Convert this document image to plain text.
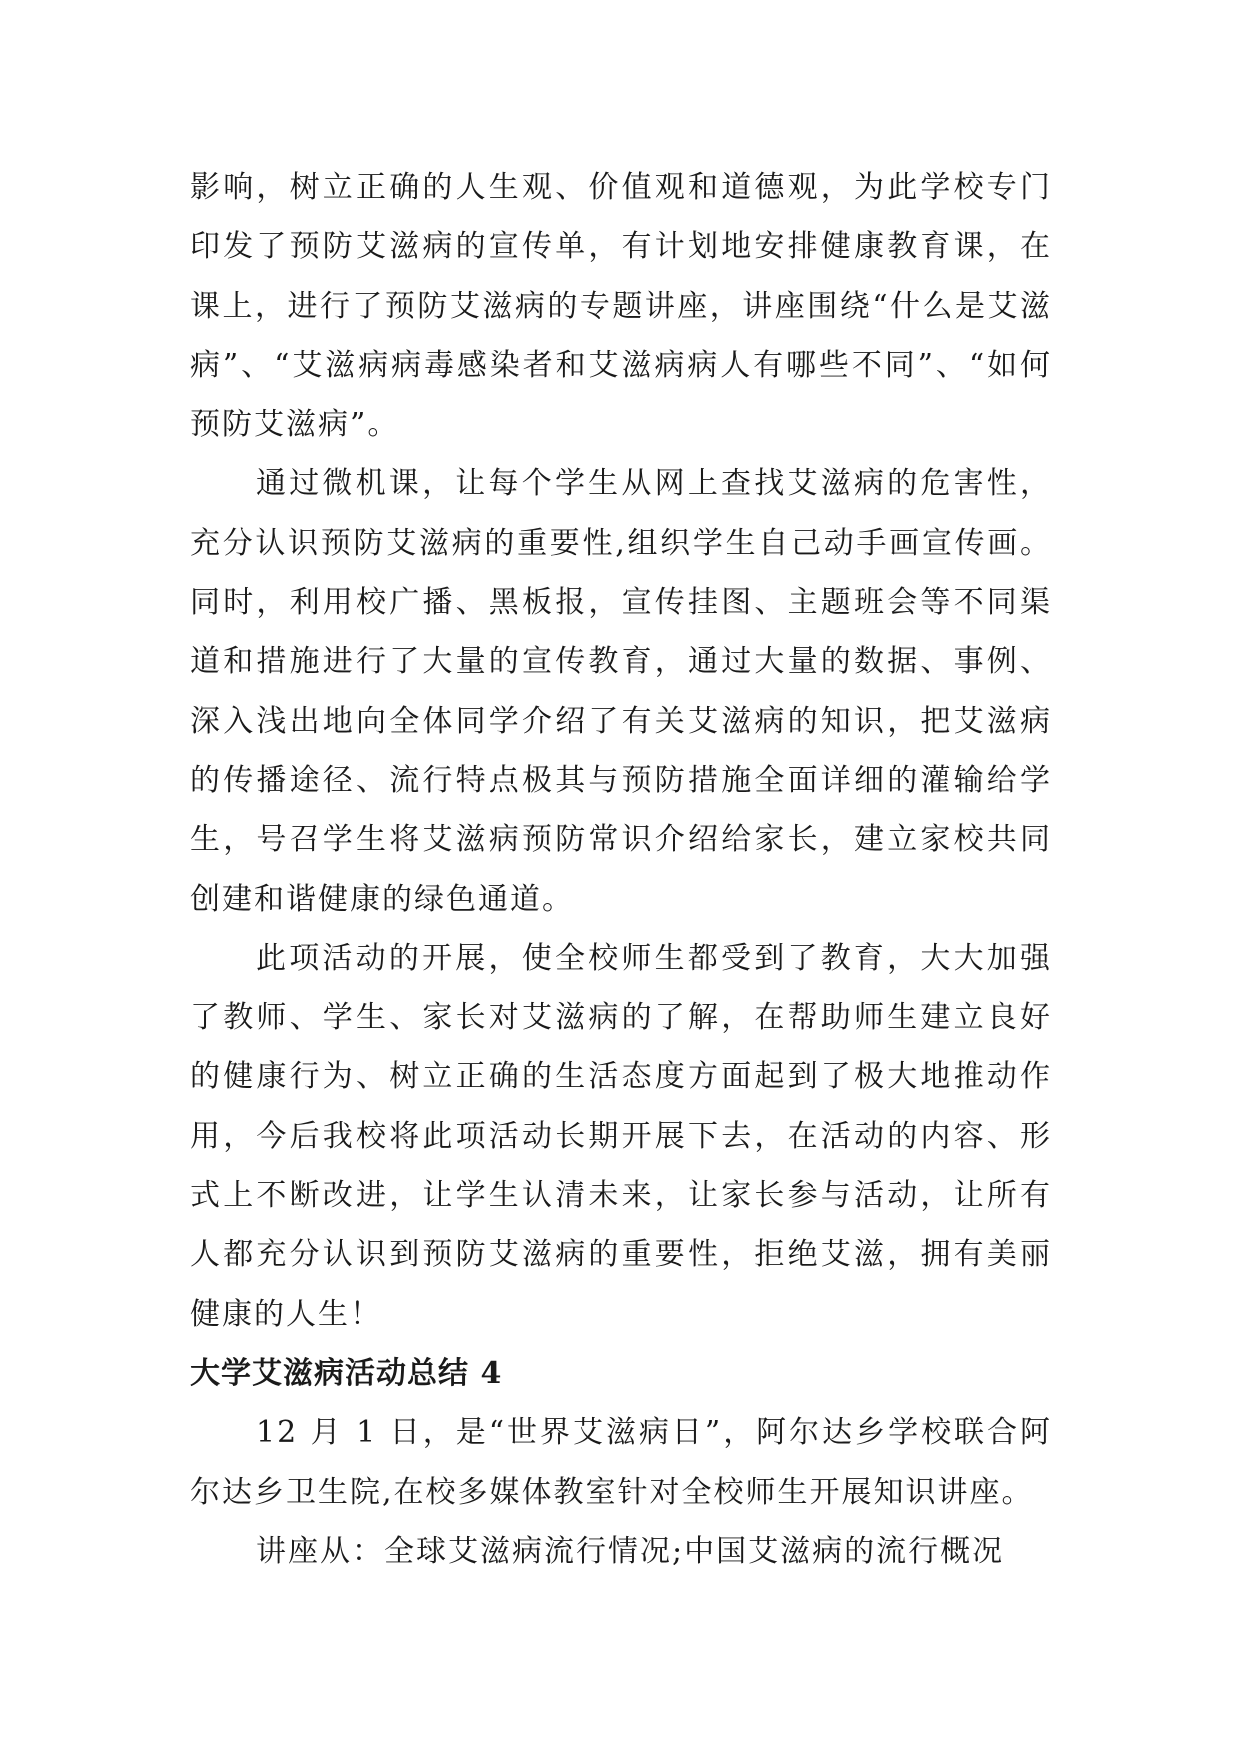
影响，树立正确的人生观、价值观和道德观，为此学校专门印发了预防艾滋病的宣传单，有计划地安排健康教育课，在课上，进行了预防艾滋病的专题讲座，讲座围绕“什么是艾滋病”、“艾滋病病毒感染者和艾滋病病人有哪些不同”、“如何预防艾滋病”。

通过微机课，让每个学生从网上查找艾滋病的危害性，充分认识预防艾滋病的重要性,组织学生自己动手画宣传画。同时，利用校广播、黑板报，宣传挂图、主题班会等不同渠道和措施进行了大量的宣传教育，通过大量的数据、事例、深入浅出地向全体同学介绍了有关艾滋病的知识，把艾滋病的传播途径、流行特点极其与预防措施全面详细的灌输给学生，号召学生将艾滋病预防常识介绍给家长，建立家校共同创建和谐健康的绿色通道。

此项活动的开展，使全校师生都受到了教育，大大加强了教师、学生、家长对艾滋病的了解，在帮助师生建立良好的健康行为、树立正确的生活态度方面起到了极大地推动作用，今后我校将此项活动长期开展下去，在活动的内容、形式上不断改进，让学生认清未来，让家长参与活动，让所有人都充分认识到预防艾滋病的重要性，拒绝艾滋，拥有美丽健康的人生！

大学艾滋病活动总结 4

12 月 1 日，是“世界艾滋病日”，阿尔达乡学校联合阿尔达乡卫生院,在校多媒体教室针对全校师生开展知识讲座。

讲座从：全球艾滋病流行情况;中国艾滋病的流行概况
